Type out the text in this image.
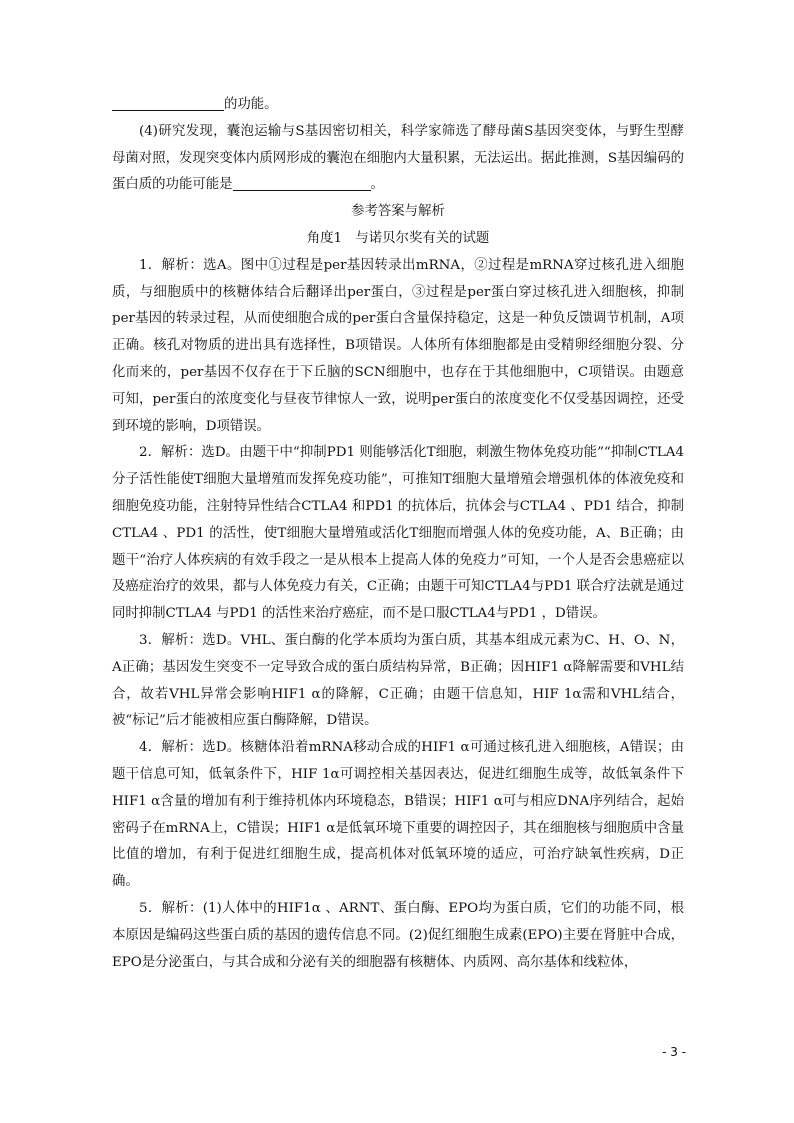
的功能。

(4)研究发现，囊泡运输与S基因密切相关，科学家筛选了酵母菌S基因突变体，与野生型酵母菌对照，发现突变体内质网形成的囊泡在细胞内大量积累，无法运出。据此推测，S基因编码的蛋白质的功能可能是	。

参考答案与解析

角度1　与诺贝尔奖有关的试题

1．解析：选A。图中①过程是per基因转录出mRNA，②过程是mRNA穿过核孔进入细胞质，与细胞质中的核糖体结合后翻译出per蛋白，③过程是per蛋白穿过核孔进入细胞核，抑制per基因的转录过程，从而使细胞合成的per蛋白含量保持稳定，这是一种负反馈调节机制，A项正确。核孔对物质的进出具有选择性，B项错误。人体所有体细胞都是由受精卵经细胞分裂、分化而来的，per基因不仅存在于下丘脑的SCN细胞中，也存在于其他细胞中，C项错误。由题意可知，per蛋白的浓度变化与昼夜节律惊人一致，说明per蛋白的浓度变化不仅受基因调控，还受到环境的影响，D项错误。

2．解析：选D。由题干中“抑制PD1 则能够活化T细胞，刺激生物体免疫功能”“抑制CTLA4 分子活性能使T细胞大量增殖而发挥免疫功能”，可推知T细胞大量增殖会增强机体的体液免疫和细胞免疫功能，注射特异性结合CTLA4 和PD1 的抗体后，抗体会与CTLA4 、PD1 结合，抑制CTLA4 、PD1 的活性，使T细胞大量增殖或活化T细胞而增强人体的免疫功能，A、B正确；由题干“治疗人体疾病的有效手段之一是从根本上提高人体的免疫力”可知，一个人是否会患癌症以及癌症治疗的效果，都与人体免疫力有关，C正确；由题干可知CTLA4与PD1 联合疗法就是通过同时抑制CTLA4 与PD1 的活性来治疗癌症，而不是口服CTLA4与PD1 ，D错误。

3．解析：选D。VHL、蛋白酶的化学本质均为蛋白质，其基本组成元素为C、H、O、N，A正确；基因发生突变不一定导致合成的蛋白质结构异常，B正确；因HIF1 α降解需要和VHL结合，故若VHL异常会影响HIF1 α的降解，C正确；由题干信息知，HIF 1α需和VHL结合，被“标记”后才能被相应蛋白酶降解，D错误。

4．解析：选D。核糖体沿着mRNA移动合成的HIF1 α可通过核孔进入细胞核，A错误；由题干信息可知，低氧条件下，HIF 1α可调控相关基因表达，促进红细胞生成等，故低氧条件下HIF1 α含量的增加有利于维持机体内环境稳态，B错误；HIF1 α可与相应DNA序列结合，起始密码子在mRNA上，C错误；HIF1 α是低氧环境下重要的调控因子，其在细胞核与细胞质中含量比值的增加，有利于促进红细胞生成，提高机体对低氧环境的适应，可治疗缺氧性疾病，D正确。

5．解析：(1)人体中的HIF1α 、ARNT、蛋白酶、EPO均为蛋白质，它们的功能不同，根本原因是编码这些蛋白质的基因的遗传信息不同。(2)促红细胞生成素(EPO)主要在肾脏中合成，EPO是分泌蛋白，与其合成和分泌有关的细胞器有核糖体、内质网、高尔基体和线粒体，

- 3 -
